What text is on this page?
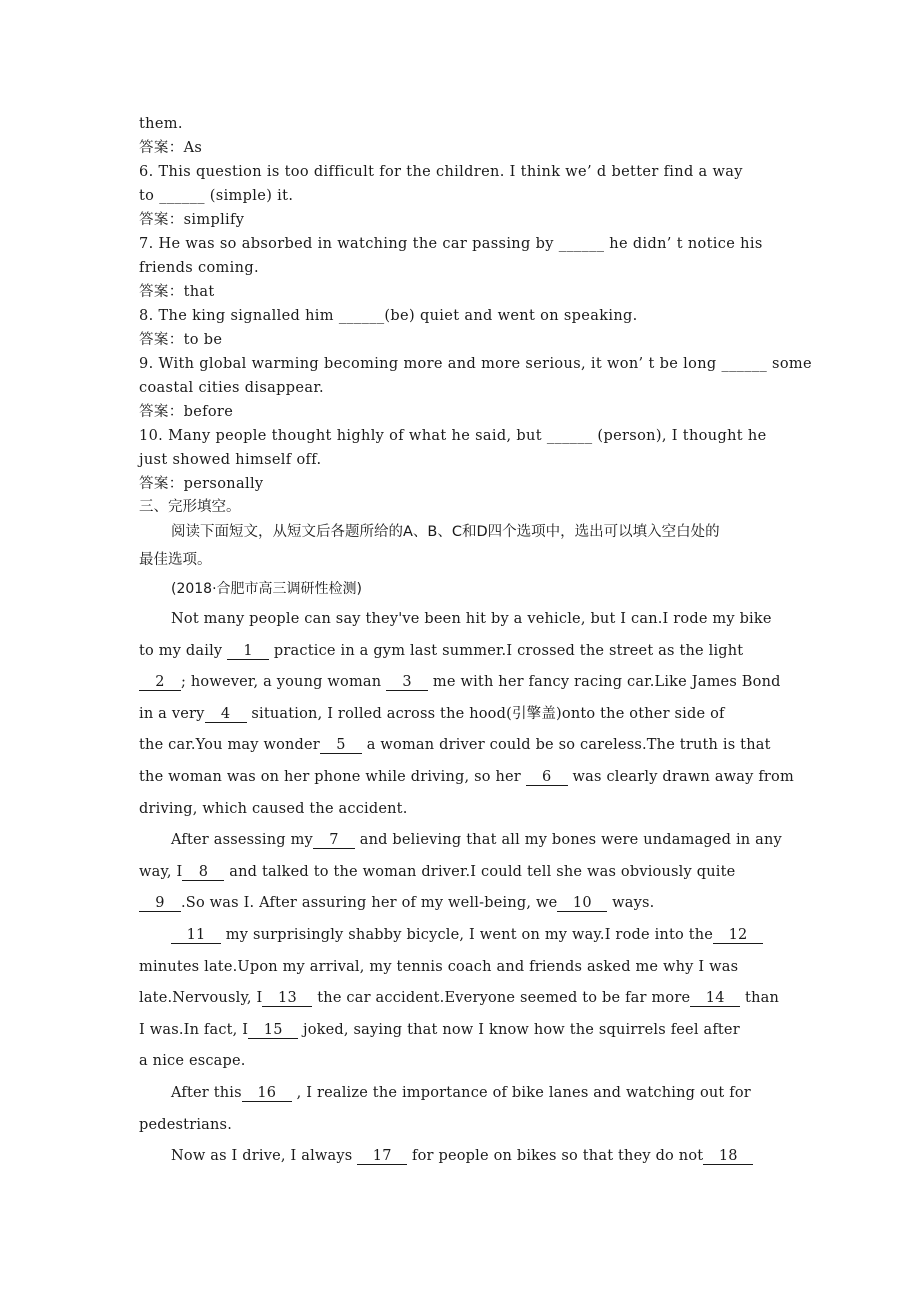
them.
答案：As
6. This question is too difficult for the children. I think we’ d better find a way
to ______ (simple) it.
答案：simplify
7. He was so absorbed in watching the car passing by ______ he didn’ t notice his
friends coming.
答案：that
8. The king signalled him ______(be) quiet and went on speaking.
答案：to be
9. With global warming becoming more and more serious, it won’ t be long ______ some
coastal cities disappear.
答案：before
10. Many people thought highly of what he said, but ______ (person), I thought he
just showed himself off.
答案：personally
三、完形填空。
阅读下面短文，从短文后各题所给的A、B、C和D四个选项中，选出可以填入空白处的
最佳选项。
(2018·合肥市高三调研性检测)
Not many people can say they've been hit by a vehicle, but I can.I rode my bike
to my daily 1 practice in a gym last summer.I crossed the street as the light
2 ; however, a young woman 3 me with her fancy racing car.Like James Bond
in a very 4 situation, I rolled across the hood(引擎盖)onto the other side of
the car.You may wonder 5 a woman driver could be so careless.The truth is that
the woman was on her phone while driving, so her 6 was clearly drawn away from
driving, which caused the accident.
After assessing my 7 and believing that all my bones were undamaged in any
way, I 8 and talked to the woman driver.I could tell she was obviously quite
9 .So was I. After assuring her of my well-being, we 10 ways.
11 my surprisingly shabby bicycle, I went on my way.I rode into the 12
minutes late.Upon my arrival, my tennis coach and friends asked me why I was
late.Nervously, I 13 the car accident.Everyone seemed to be far more 14 than
I was.In fact, I 15 joked, saying that now I know how the squirrels feel after
a nice escape.
After this 16 , I realize the importance of bike lanes and watching out for
pedestrians.
Now as I drive, I always 17 for people on bikes so that they do not 18
